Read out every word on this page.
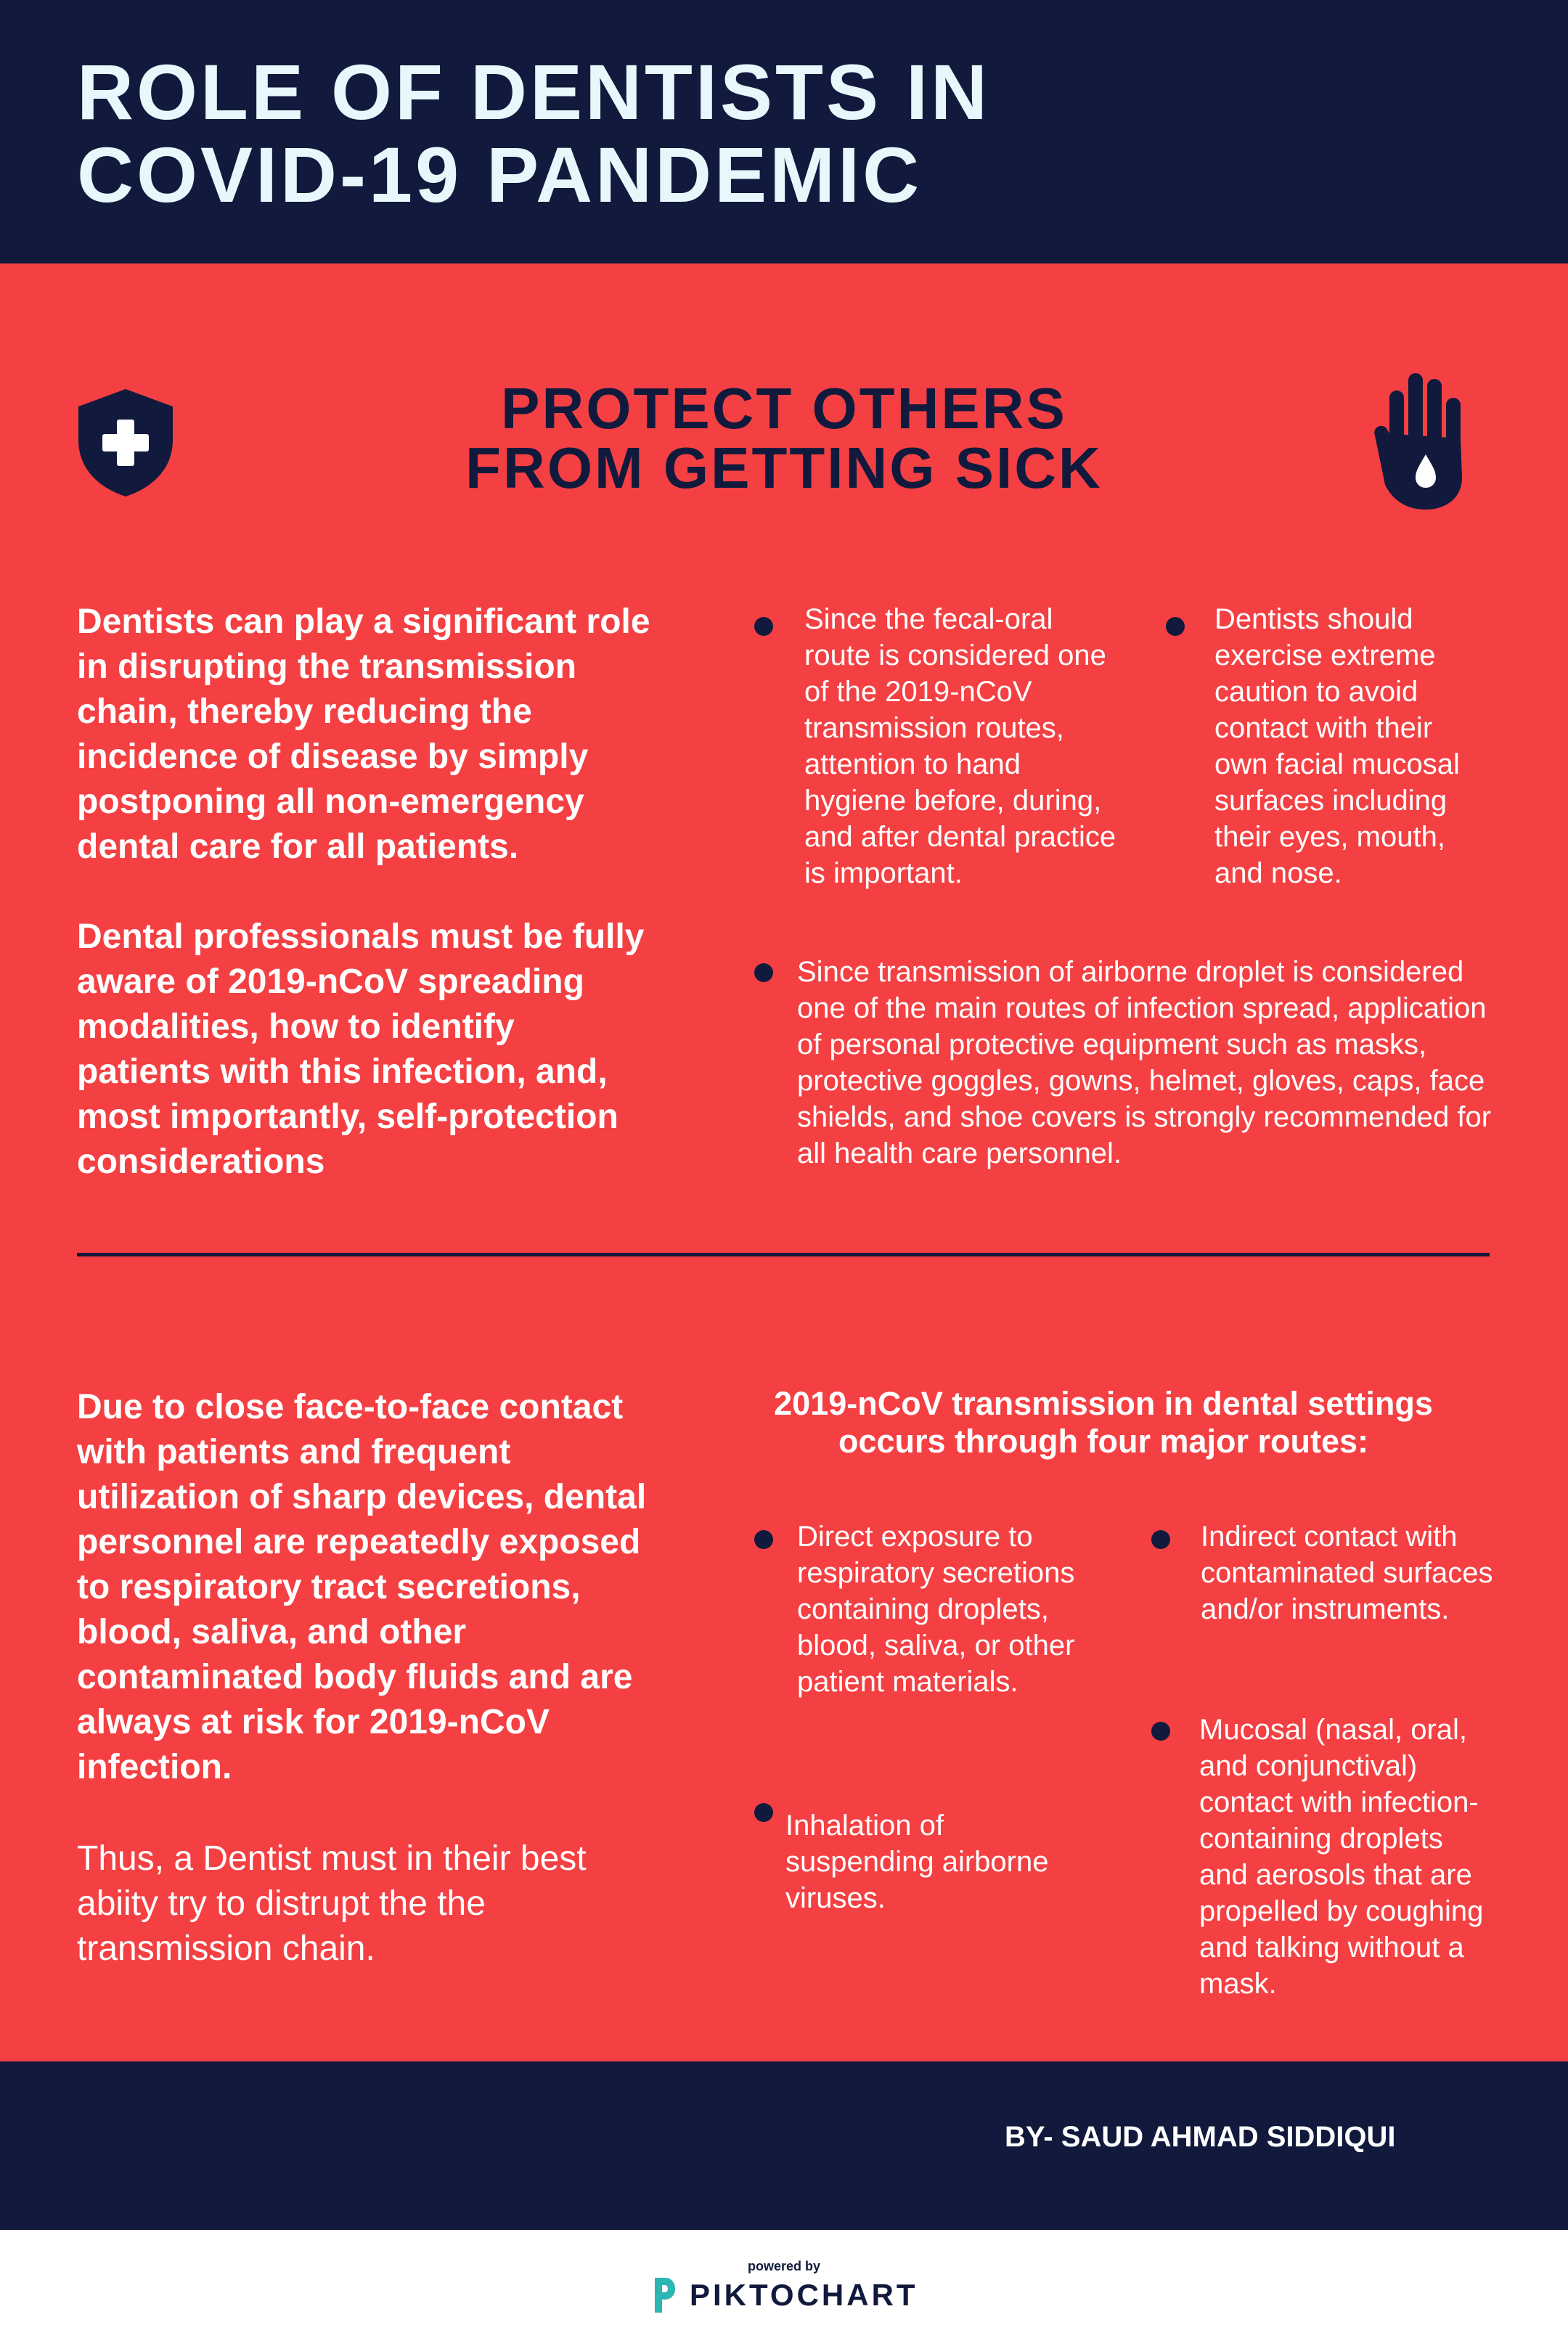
ROLE OF DENTISTS IN
COVID-19 PANDEMIC
PROTECT OTHERS
FROM GETTING SICK

Dentists can play a significant role in disrupting the transmission chain, thereby reducing the incidence of disease by simply postponing all non-emergency dental care for all patients.

Dental professionals must be fully aware of 2019-nCoV spreading modalities, how to identify patients with this infection, and, most importantly, self-protection considerations

Since the fecal-oral route is considered one of the 2019-nCoV transmission routes, attention to hand hygiene before, during, and after dental practice is important.

Dentists should exercise extreme caution to avoid contact with their own facial mucosal surfaces including their eyes, mouth, and nose.

Since transmission of airborne droplet is considered one of the main routes of infection spread, application of personal protective equipment such as masks, protective goggles, gowns, helmet, gloves, caps, face shields, and shoe covers is strongly recommended for all health care personnel.

Due to close face-to-face contact with patients and frequent utilization of sharp devices, dental personnel are repeatedly exposed to respiratory tract secretions, blood, saliva, and other contaminated body fluids and are always at risk for 2019-nCoV infection.

Thus, a Dentist must in their best abiity try to distrupt the the transmission chain.

2019-nCoV transmission in dental settings occurs through four major routes:

Direct exposure to respiratory secretions containing droplets, blood, saliva, or other patient materials.

Inhalation of suspending airborne viruses.

Indirect contact with contaminated surfaces and/or instruments.

Mucosal (nasal, oral, and conjunctival) contact with infection-containing droplets and aerosols that are propelled by coughing and talking without a mask.

BY- SAUD AHMAD SIDDIQUI

powered by

PIKTOCHART
